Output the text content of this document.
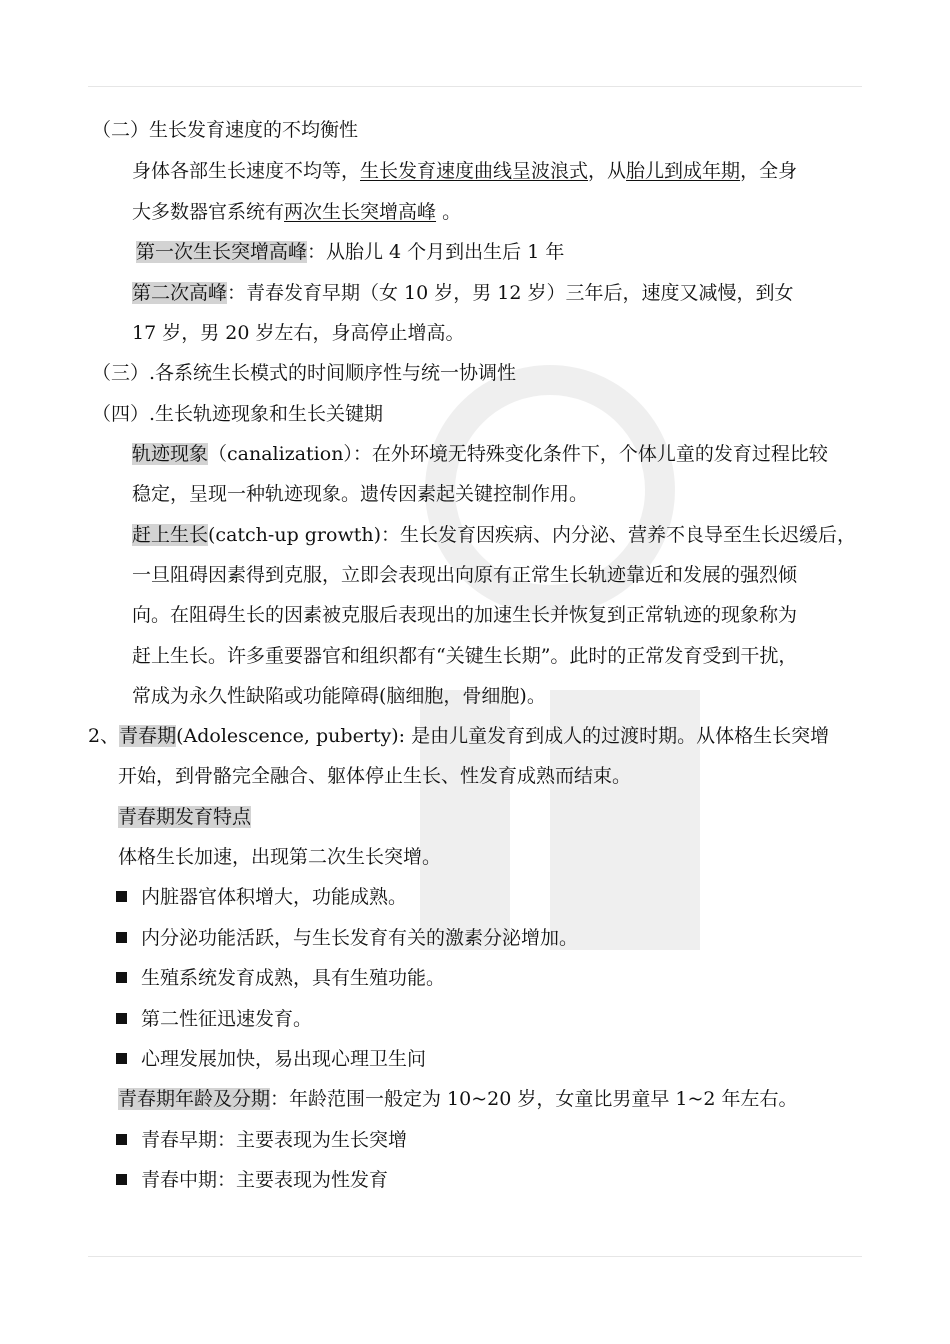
（二）生长发育速度的不均衡性
身体各部生长速度不均等，生长发育速度曲线呈波浪式，从胎儿到成年期，全身
大多数器官系统有两次生长突增高峰 。
第一次生长突增高峰：从胎儿 4 个月到出生后 1 年
第二次高峰：青春发育早期（女 10 岁，男 12 岁）三年后，速度又减慢，到女
17 岁，男 20 岁左右，身高停止增高。
（三）.各系统生长模式的时间顺序性与统一协调性
（四）.生长轨迹现象和生长关键期
轨迹现象（canalization）：在外环境无特殊变化条件下，个体儿童的发育过程比较
稳定，呈现一种轨迹现象。遗传因素起关键控制作用。
赶上生长(catch-up growth)：生长发育因疾病、内分泌、营养不良导至生长迟缓后，
一旦阻碍因素得到克服，立即会表现出向原有正常生长轨迹靠近和发展的强烈倾
向。在阻碍生长的因素被克服后表现出的加速生长并恢复到正常轨迹的现象称为
赶上生长。许多重要器官和组织都有“关键生长期”。此时的正常发育受到干扰，
常成为永久性缺陷或功能障碍(脑细胞，骨细胞)。
2、青春期(Adolescence, puberty): 是由儿童发育到成人的过渡时期。从体格生长突增
开始，到骨骼完全融合、躯体停止生长、性发育成熟而结束。
青春期发育特点
体格生长加速，出现第二次生长突增。
内脏器官体积增大，功能成熟。
内分泌功能活跃，与生长发育有关的激素分泌增加。
生殖系统发育成熟，具有生殖功能。
第二性征迅速发育。
心理发展加快，易出现心理卫生问
青春期年龄及分期：年龄范围一般定为 10~20 岁，女童比男童早 1~2 年左右。
青春早期：主要表现为生长突增
青春中期：主要表现为性发育
